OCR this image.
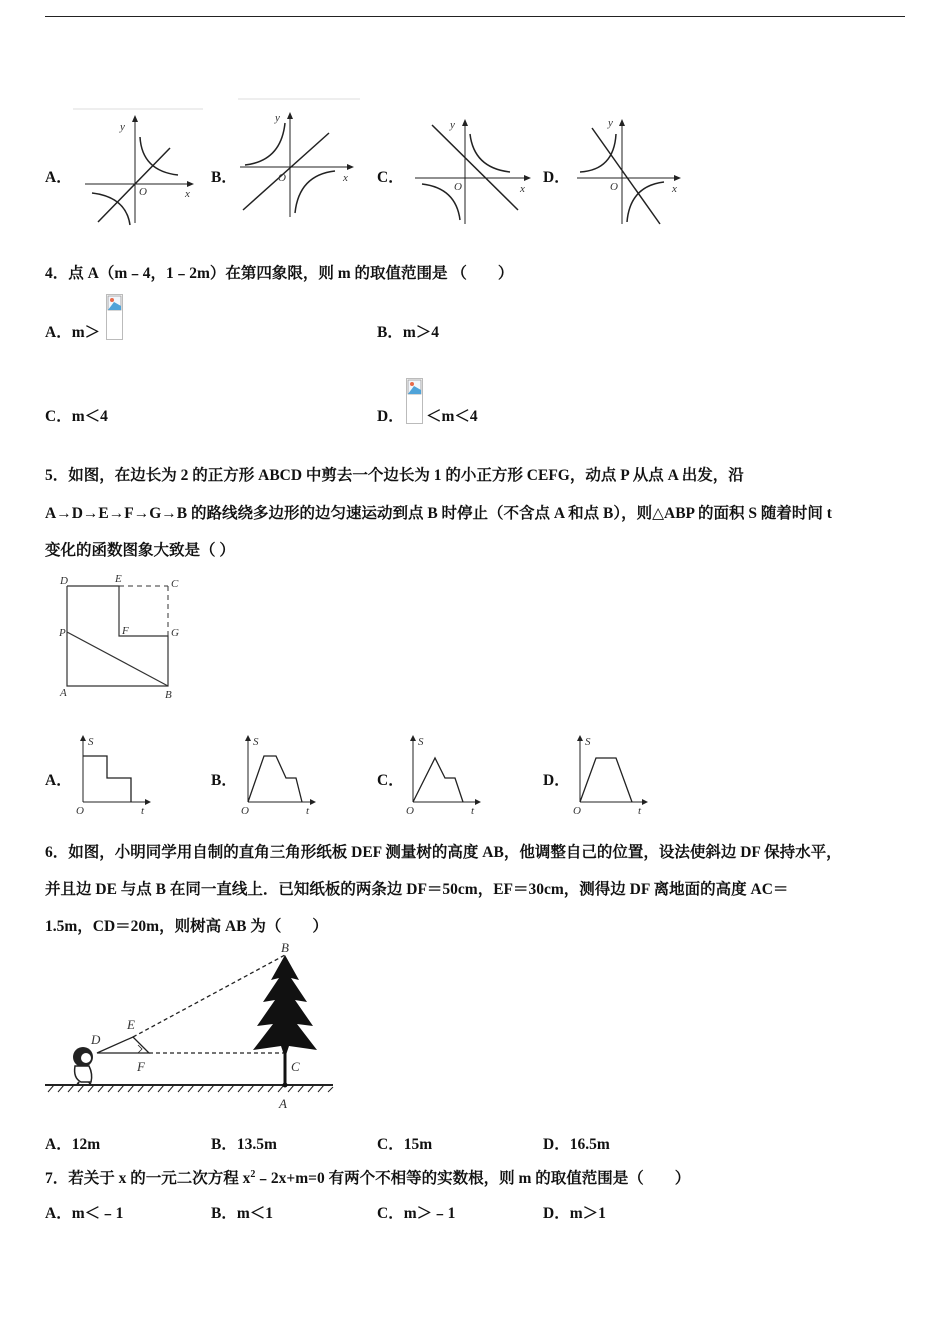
A．	B．	C．	D．
y
x
O
y
x
O
y
x
O
y
x
O
4．点 A（m﹣4，1﹣2m）在第四象限，则 m 的取值范围是 （　　）
A．m＞	B．m＞4
C．m＜4	D． ＜m＜4
5．如图，在边长为 2 的正方形 ABCD 中剪去一个边长为 1 的小正方形 CEFG，动点 P 从点 A 出发，沿
A→D→E→F→G→B 的路线绕多边形的边匀速运动到点 B 时停止（不含点 A 和点 B），则△ABP 的面积 S 随着时间 t
变化的函数图象大致是（ ）
D	E	C
P	F	G
A	B
A．	B．	C．	D．
S
t
O
S
t
O
S
t
O
S
t
O
6．如图，小明同学用自制的直角三角形纸板 DEF 测量树的高度 AB，他调整自己的位置，设法使斜边 DF 保持水平，
并且边 DE 与点 B 在同一直线上．已知纸板的两条边 DF＝50cm，EF＝30cm，测得边 DF 离地面的高度 AC＝
1.5m，CD＝20m，则树高 AB 为（　　）
B
D
E
F	C
A
A．12m	B．13.5m	C．15m	D．16.5m
7．若关于 x 的一元二次方程 $x^2﹣2x+m=0$ 有两个不相等的实数根，则 m 的取值范围是（　　）
A．m＜﹣1	B．m＜1	C．m＞﹣1	D．m＞1
